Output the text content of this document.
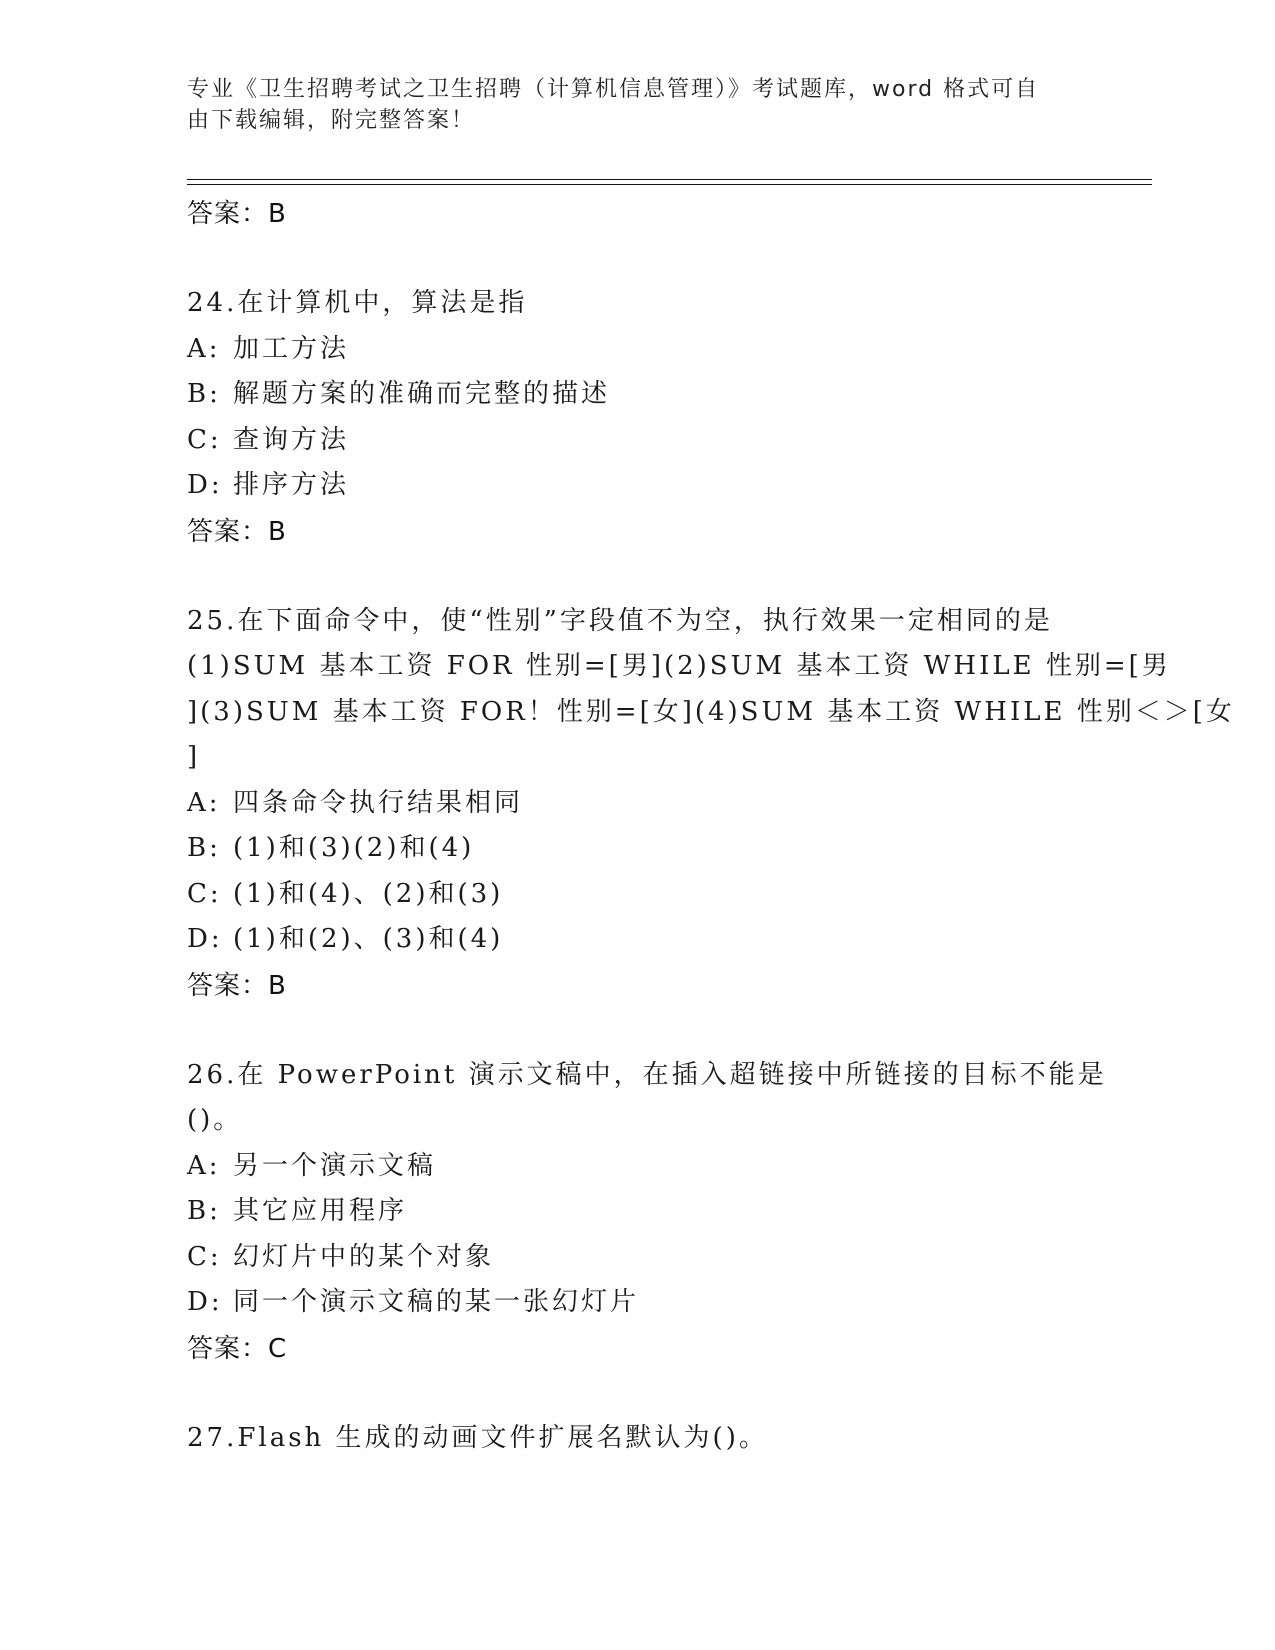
专业《卫生招聘考试之卫生招聘（计算机信息管理）》考试题库，word 格式可自
由下载编辑，附完整答案！
答案：B
24.在计算机中，算法是指
A: 加工方法
B: 解题方案的准确而完整的描述
C: 查询方法
D: 排序方法
答案：B
25.在下面命令中，使“性别”字段值不为空，执行效果一定相同的是
(1)SUM 基本工资 FOR 性别=[男](2)SUM 基本工资 WHILE 性别=[男
](3)SUM 基本工资 FOR！性别=[女](4)SUM 基本工资 WHILE 性别＜＞[女
]
A: 四条命令执行结果相同
B: (1)和(3)(2)和(4)
C: (1)和(4)、(2)和(3)
D: (1)和(2)、(3)和(4)
答案：B
26.在 PowerPoint 演示文稿中，在插入超链接中所链接的目标不能是
()。
A: 另一个演示文稿
B: 其它应用程序
C: 幻灯片中的某个对象
D: 同一个演示文稿的某一张幻灯片
答案：C
27.Flash 生成的动画文件扩展名默认为()。
